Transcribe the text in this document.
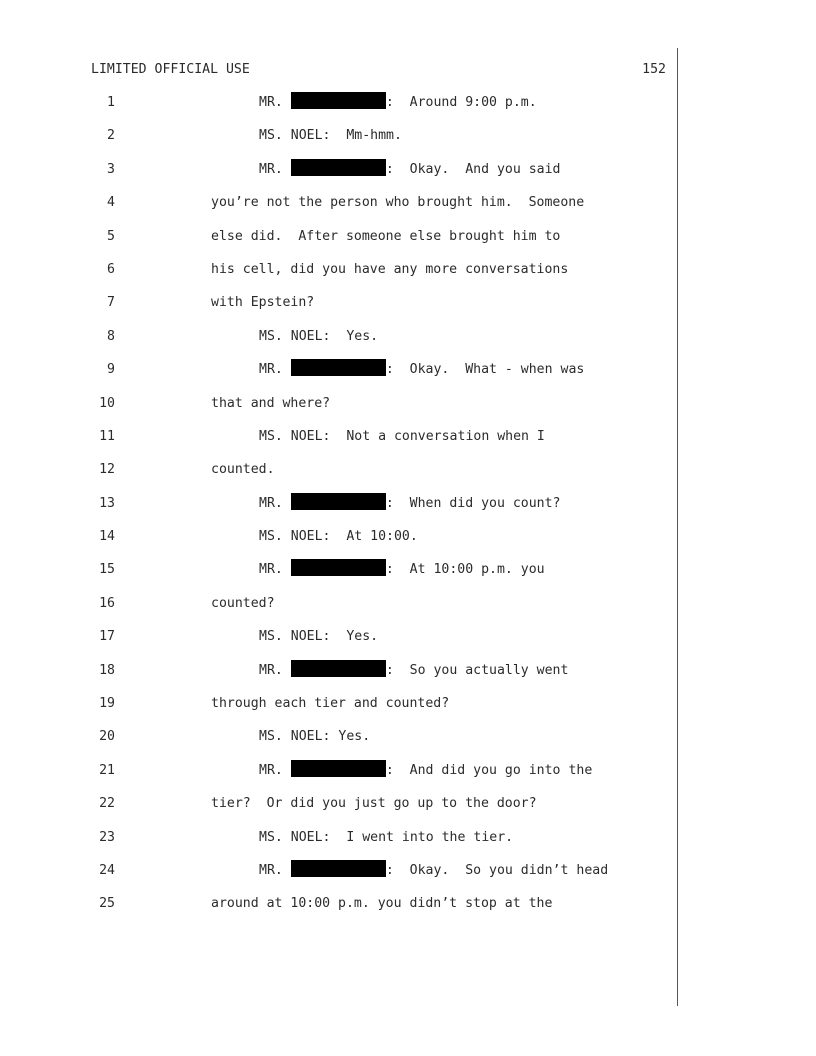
LIMITED OFFICIAL USE	152
1	MR.	:  Around 9:00 p.m.
2	MS. NOEL:  Mm-hmm.
3	MR.	:  Okay.  And you said
4	you’re not the person who brought him.  Someone
5	else did.  After someone else brought him to
6	his cell, did you have any more conversations
7	with Epstein?
8	MS. NOEL:  Yes.
9	MR.	:  Okay.  What - when was
10	that and where?
11	MS. NOEL:  Not a conversation when I
12	counted.
13	MR.	:  When did you count?
14	MS. NOEL:  At 10:00.
15	MR.	:  At 10:00 p.m. you
16	counted?
17	MS. NOEL:  Yes.
18	MR.	:  So you actually went
19	through each tier and counted?
20	MS. NOEL: Yes.
21	MR.	:  And did you go into the
22	tier?  Or did you just go up to the door?
23	MS. NOEL:  I went into the tier.
24	MR.	:  Okay.  So you didn’t head
25	around at 10:00 p.m. you didn’t stop at the
